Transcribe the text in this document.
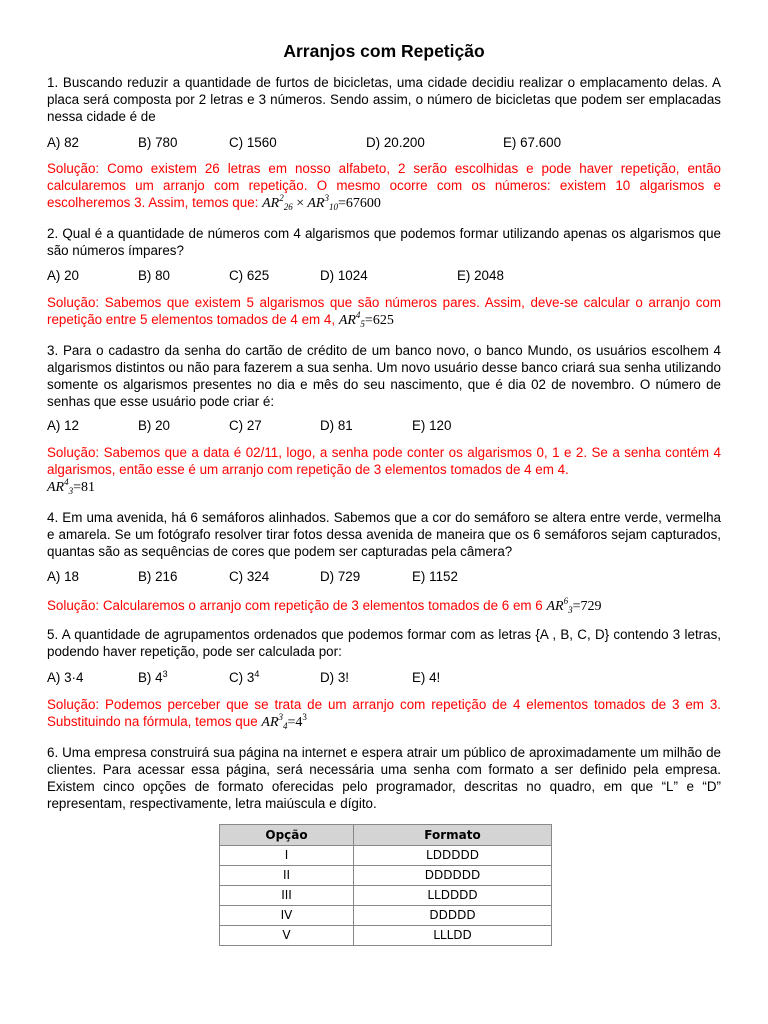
Arranjos com Repetição
1. Buscando reduzir a quantidade de furtos de bicicletas, uma cidade decidiu realizar o emplacamento delas. A placa será composta por 2 letras e 3 números. Sendo assim, o número de bicicletas que podem ser emplacadas nessa cidade é de
A) 82	B) 780	C) 1560	D) 20.200	E) 67.600
Solução: Como existem 26 letras em nosso alfabeto, 2 serão escolhidas e pode haver repetição, então calcularemos um arranjo com repetição. O mesmo ocorre com os números: existem 10 algarismos e escolheremos 3. Assim, temos que: $AR^2_{26} \times AR^3_{10}=67600$
2. Qual é a quantidade de números com 4 algarismos que podemos formar utilizando apenas os algarismos que são números ímpares?
A) 20	B) 80	C) 625	D) 1024	E) 2048
Solução: Sabemos que existem 5 algarismos que são números pares. Assim, deve-se calcular o arranjo com repetição entre 5 elementos tomados de 4 em 4, $AR^4_5=625$
3. Para o cadastro da senha do cartão de crédito de um banco novo, o banco Mundo, os usuários escolhem 4 algarismos distintos ou não para fazerem a sua senha. Um novo usuário desse banco criará sua senha utilizando somente os algarismos presentes no dia e mês do seu nascimento, que é dia 02 de novembro. O número de senhas que esse usuário pode criar é:
A) 12	B) 20	C) 27	D) 81	E) 120
Solução: Sabemos que a data é 02/11, logo, a senha pode conter os algarismos 0, 1 e 2. Se a senha contém 4 algarismos, então esse é um arranjo com repetição de 3 elementos tomados de 4 em 4.
$AR^4_3=81$
4. Em uma avenida, há 6 semáforos alinhados. Sabemos que a cor do semáforo se altera entre verde, vermelha e amarela. Se um fotógrafo resolver tirar fotos dessa avenida de maneira que os 6 semáforos sejam capturados, quantas são as sequências de cores que podem ser capturadas pela câmera?
A) 18	B) 216	C) 324	D) 729	E) 1152
Solução: Calcularemos o arranjo com repetição de 3 elementos tomados de 6 em 6 $AR^6_3=729$
5. A quantidade de agrupamentos ordenados que podemos formar com as letras {A , B, C, D} contendo 3 letras, podendo haver repetição, pode ser calculada por:
A) 3·4	B) $4^3$	C) $3^4$	D) 3!	E) 4!
Solução: Podemos perceber que se trata de um arranjo com repetição de 4 elementos tomados de 3 em 3. Substituindo na fórmula, temos que $AR^3_4=4^3$
6. Uma empresa construirá sua página na internet e espera atrair um público de aproximadamente um milhão de clientes. Para acessar essa página, será necessária uma senha com formato a ser definido pela empresa. Existem cinco opções de formato oferecidas pelo programador, descritas no quadro, em que “L” e “D” representam, respectivamente, letra maiúscula e dígito.
Opção	Formato
I	LDDDDD
II	DDDDDD
III	LLDDDD
IV	DDDDD
V	LLLDD
